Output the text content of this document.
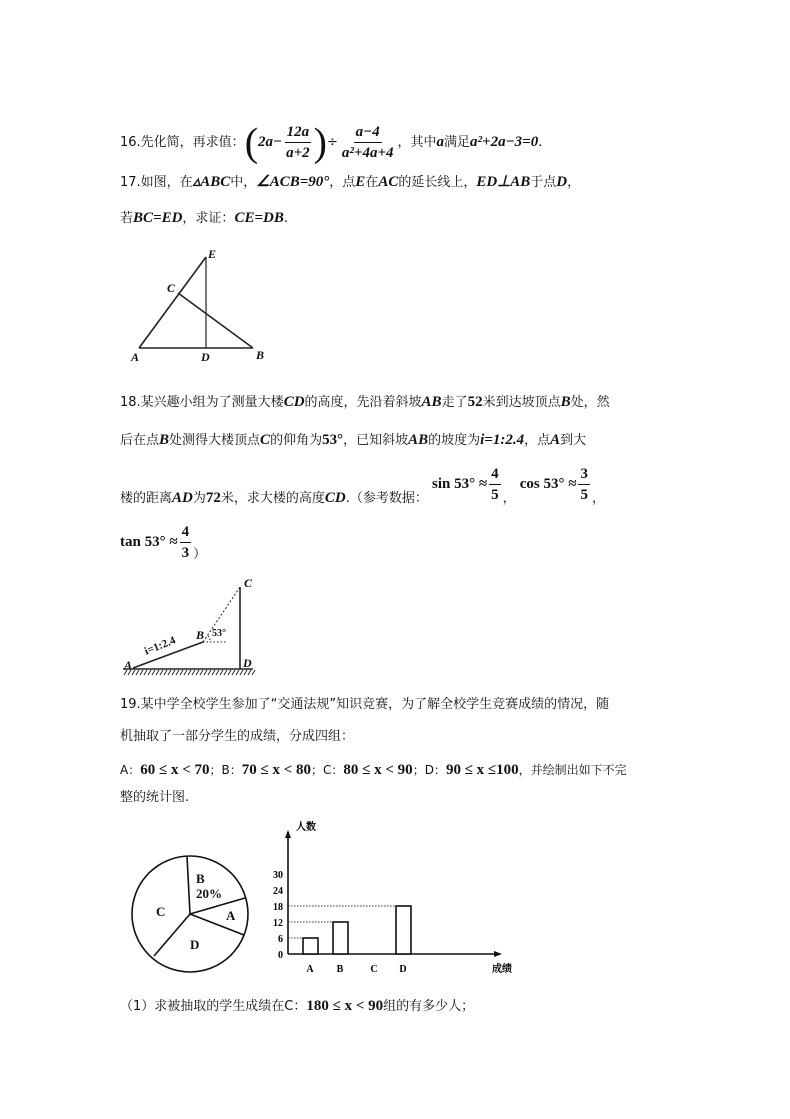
16.先化简，再求值：($2a- \frac{12a}{a+2}$ )÷ $\frac{a-4}{\text{a²+4a+4}}$ ，其中a满足a²+2a−3=0.
17.如图，在▵ABC中，∠ACB=90°，点E在AC的延长线上，ED⊥AB于点D，
若BC=ED，求证：CE=DB.
0
6
12
18
24
30
A B	C D
人数
成绩
A	D	B
C
E
18.某兴趣小组为了测量大楼CD的高度，先沿着斜坡AB走了52米到达坡顶点B处，然
后在点B处测得大楼顶点C的仰角为53°，已知斜坡AB的坡度为i=1:2.4，点A到大
楼的距离AD为72米，求大楼的高度CD.（参考数据： $\sin 53^\circ \approx \frac{4}{5}$ ， $\cos 53^\circ \approx \frac{3}{5}$ ，
$\tan 53^\circ \approx \frac{4}{3}$ ）
A
B
C
D
i=1:2.4
53°
19.某中学全校学生参加了“交通法规”知识竞赛，为了解全校学生竞赛成绩的情况，随
机抽取了一部分学生的成绩，分成四组：
A：60 ≤ x < 70；B：70 ≤ x < 80；C：80 ≤ x < 90；D：90 ≤ x ≤100，并绘制出如下不完
整的统计图.
B 20%
C	A
D
（1）求被抽取的学生成绩在C：180 ≤ x < 90组的有多少人；
